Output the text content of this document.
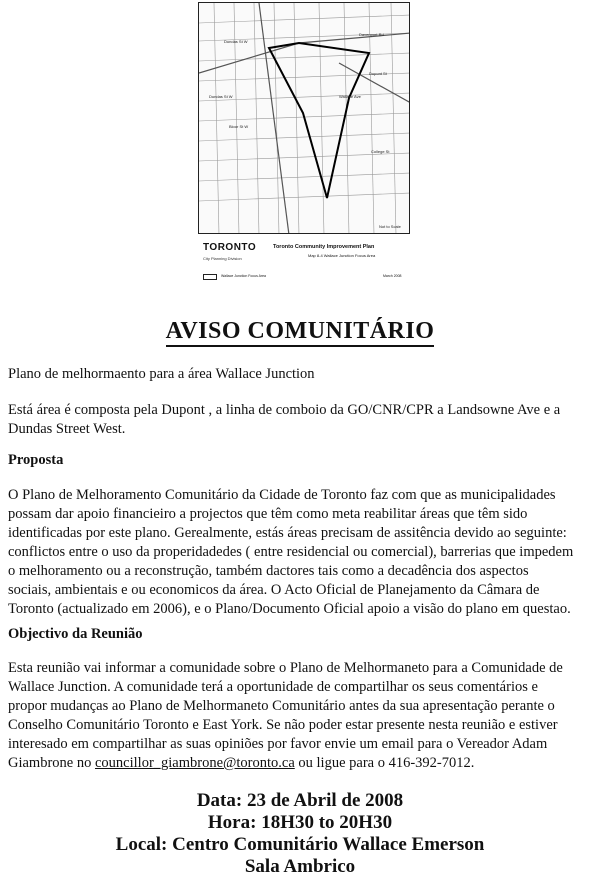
Dundas St W
Davenport Rd
Dupont St
Wallace Ave
Dundas St W
Bloor St W
College St
Not to Scale
TORONTO
City Planning Division
Toronto Community Improvement Plan
Map 8-4 Wallace Junction Focus Area
Wallace Junction Focus Area	March 2008
AVISO COMUNITÁRIO

Plano de melhormaento para a área Wallace Junction

Está área é composta pela Dupont , a linha de comboio da GO/CNR/CPR a Landsowne Ave e a

Dundas Street West.

Proposta

O Plano de Melhoramento Comunitário da Cidade de Toronto faz com que as municipalidades

possam dar apoio financieiro a projectos que têm como meta reabilitar áreas que têm sido

identificadas por este plano. Gerealmente, estás áreas precisam de assitência devido ao seguinte:

conflictos entre o uso da properidadedes ( entre residencial ou comercial), barrerias que impedem

o melhoramento ou a reconstrução, também dactores tais como a decadência dos aspectos

sociais, ambientais e ou economicos da área. O Acto Oficial de Planejamento da Câmara de

Toronto (actualizado em 2006), e o Plano/Documento Oficial apoio a visão do plano em questao.

Objectivo da Reunião

Esta reunião vai informar a comunidade sobre o Plano de Melhormaneto para a Comunidade de

Wallace Junction. A comunidade terá a oportunidade de compartilhar os seus comentários e

propor mudanças ao Plano de Melhormaneto Comunitário antes da sua apresentação perante o

Conselho Comunitário Toronto e East York. Se não poder estar presente nesta reunião e estiver

interesado em compartilhar as suas opiniões por favor envie um email para o Vereador Adam

Giambrone no councillor_giambrone@toronto.ca ou ligue para o 416-392-7012.

Data: 23 de Abril de 2008
Hora: 18H30 to 20H30
Local: Centro Comunitário Wallace Emerson
Sala Ambrico
